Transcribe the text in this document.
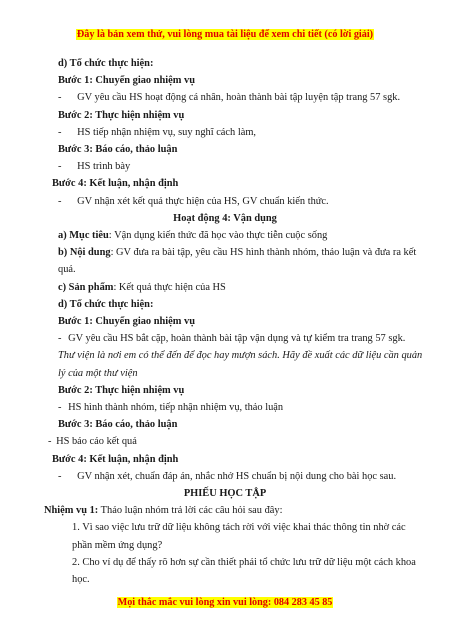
Đây là bản xem thử, vui lòng mua tài liệu để xem chi tiết (có lời giải)
d) Tổ chức thực hiện:
Bước 1: Chuyển giao nhiệm vụ
- GV yêu cầu HS hoạt động cá nhân, hoàn thành bài tập luyện tập trang 57 sgk.
Bước 2: Thực hiện nhiệm vụ
- HS tiếp nhận nhiệm vụ, suy nghĩ cách làm,
Bước 3: Báo cáo, thảo luận
- HS trình bày
Bước 4: Kết luận, nhận định
- GV nhận xét kết quả thực hiện của HS, GV chuẩn kiến thức.
Hoạt động 4: Vận dụng
a) Mục tiêu: Vận dụng kiến thức đã học vào thực tiễn cuộc sống
b) Nội dung: GV đưa ra bài tập, yêu cầu HS hình thành nhóm, thảo luận và đưa ra kết
quả.
c) Sản phẩm: Kết quả thực hiện của HS
d) Tổ chức thực hiện:
Bước 1: Chuyển giao nhiệm vụ
- GV yêu cầu HS bắt cặp, hoàn thành bài tập vận dụng và tự kiểm tra trang 57 sgk.
Thư viện là nơi em có thể đến để đọc hay mượn sách. Hãy đề xuất các dữ liệu cần quản
lý của một thư viện
Bước 2: Thực hiện nhiệm vụ
- HS hình thành nhóm, tiếp nhận nhiệm vụ, thảo luận
Bước 3: Báo cáo, thảo luận
- HS báo cáo kết quả
Bước 4: Kết luận, nhận định
- GV nhận xét, chuẩn đáp án, nhắc nhở HS chuẩn bị nội dung cho bài học sau.
PHIẾU HỌC TẬP
Nhiệm vụ 1: Thảo luận nhóm trả lời các câu hỏi sau đây:
1. Vì sao việc lưu trữ dữ liệu không tách rời với việc khai thác thông tin nhờ các
phần mềm ứng dụng?
2. Cho ví dụ để thấy rõ hơn sự cần thiết phải tổ chức lưu trữ dữ liệu một cách khoa
học.
Mọi thắc mắc vui lòng xin vui lòng: 084 283 45 85
